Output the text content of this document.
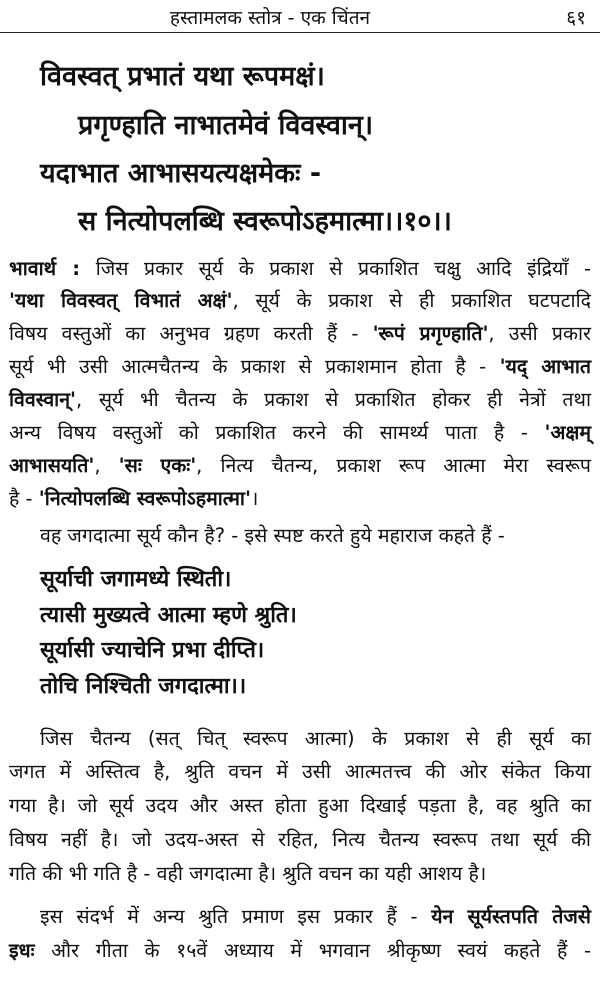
हस्तामलक स्तोत्र - एक चिंतन	६१
विवस्वत् प्रभातं यथा रूपमक्षं।
प्रगृण्हाति नाभातमेवं विवस्वान्।
यदाभात आभासयत्यक्षमेकः -
स नित्योपलब्धि स्वरूपोऽहमात्मा।।१०।।
भावार्थ : जिस प्रकार सूर्य के प्रकाश से प्रकाशित चक्षु आदि इंद्रियाँ -
'यथा विवस्वत् विभातं अक्षं', सूर्य के प्रकाश से ही प्रकाशित घटपटादि
विषय वस्तुओं का अनुभव ग्रहण करती हैं - 'रूपं प्रगृण्हाति', उसी प्रकार
सूर्य भी उसी आत्मचैतन्य के प्रकाश से प्रकाशमान होता है - 'यद् आभात
विवस्वान्', सूर्य भी चैतन्य के प्रकाश से प्रकाशित होकर ही नेत्रों तथा
अन्य विषय वस्तुओं को प्रकाशित करने की सामर्थ्य पाता है - 'अक्षम्
आभासयति', 'सः एकः', नित्य चैतन्य, प्रकाश रूप आत्मा मेरा स्वरूप
है - 'नित्योपलब्धि स्वरूपोऽहमात्मा'।
वह जगदात्मा सूर्य कौन है? - इसे स्पष्ट करते हुये महाराज कहते हैं -
सूर्याची जगामध्ये स्थिती।
त्यासी मुख्यत्वे आत्मा म्हणे श्रुति।
सूर्यासी ज्याचेनि प्रभा दीप्ति।
तोचि निश्चिती जगदात्मा।।
जिस चैतन्य (सत् चित् स्वरूप आत्मा) के प्रकाश से ही सूर्य का
जगत में अस्तित्व है, श्रुति वचन में उसी आत्मतत्त्व की ओर संकेत किया
गया है। जो सूर्य उदय और अस्त होता हुआ दिखाई पड़ता है, वह श्रुति का
विषय नहीं है। जो उदय-अस्त से रहित, नित्य चैतन्य स्वरूप तथा सूर्य की
गति की भी गति है - वही जगदात्मा है। श्रुति वचन का यही आशय है।
इस संदर्भ में अन्य श्रुति प्रमाण इस प्रकार हैं - येन सूर्यस्तपति तेजसे
इधः और गीता के १५वें अध्याय में भगवान श्रीकृष्ण स्वयं कहते हैं -
